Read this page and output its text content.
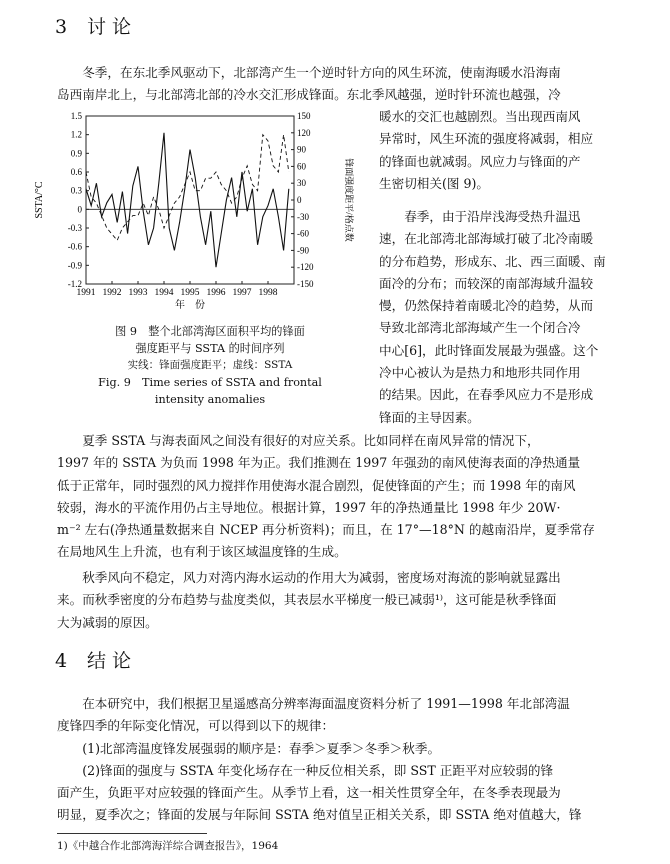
3 讨 论

冬季，在东北季风驱动下，北部湾产生一个逆时针方向的风生环流，使南海暖水沿海南

岛西南岸北上，与北部湾北部的冷水交汇形成锋面。东北季风越强，逆时针环流也越强，冷

暖水的交汇也越剧烈。当出现西南风

异常时，风生环流的强度将减弱，相应

的锋面也就减弱。风应力与锋面的产

生密切相关(图 9)。

春季，由于沿岸浅海受热升温迅

速，在北部湾北部海域打破了北冷南暖

的分布趋势，形成东、北、西三面暖、南

面冷的分布；而较深的南部海域升温较

慢，仍然保持着南暖北冷的趋势，从而

导致北部湾北部海域产生一个闭合冷

中心[6]，此时锋面发展最为强盛。这个

冷中心被认为是热力和地形共同作用

的结果。因此，在春季风应力不是形成

锋面的主导因素。

1.5
1.2
0.9
0.6
0.3
0
-0.3
-0.6
-0.9
-1.2
150
120
90
60
30
0
-30
-60
-90
-120
-150
1991 1992 1993 1994 1995 1996 1997 1998
年　份
SSTA/°C	锋面强度距平/格点数

图 9　整个北部湾海区面积平均的锋面

强度距平与 SSTA 的时间序列

实线：锋面强度距平；虚线：SSTA

Fig. 9　Time series of SSTA and frontal

intensity anomalies

夏季 SSTA 与海表面风之间没有很好的对应关系。比如同样在南风异常的情况下，

1997 年的 SSTA 为负而 1998 年为正。我们推测在 1997 年强劲的南风使海表面的净热通量

低于正常年，同时强烈的风力搅拌作用使海水混合剧烈，促使锋面的产生；而 1998 年的南风

较弱，海水的平流作用仍占主导地位。根据计算，1997 年的净热通量比 1998 年少 20W·

m⁻² 左右(净热通量数据来自 NCEP 再分析资料)；而且，在 17°—18°N 的越南沿岸，夏季常存

在局地风生上升流，也有利于该区域温度锋的生成。

秋季风向不稳定，风力对湾内海水运动的作用大为减弱，密度场对海流的影响就显露出

来。而秋季密度的分布趋势与盐度类似，其表层水平梯度一般已减弱¹⁾，这可能是秋季锋面

大为减弱的原因。

4 结 论

在本研究中，我们根据卫星遥感高分辨率海面温度资料分析了 1991—1998 年北部湾温

度锋四季的年际变化情况，可以得到以下的规律：

(1)北部湾温度锋发展强弱的顺序是：春季＞夏季＞冬季＞秋季。

(2)锋面的强度与 SSTA 年变化场存在一种反位相关系，即 SST 正距平对应较弱的锋

面产生，负距平对应较强的锋面产生。从季节上看，这一相关性贯穿全年，在冬季表现最为

明显，夏季次之；锋面的发展与年际间 SSTA 绝对值呈正相关关系，即 SSTA 绝对值越大，锋

1)《中越合作北部湾海洋综合调查报告》，1964
